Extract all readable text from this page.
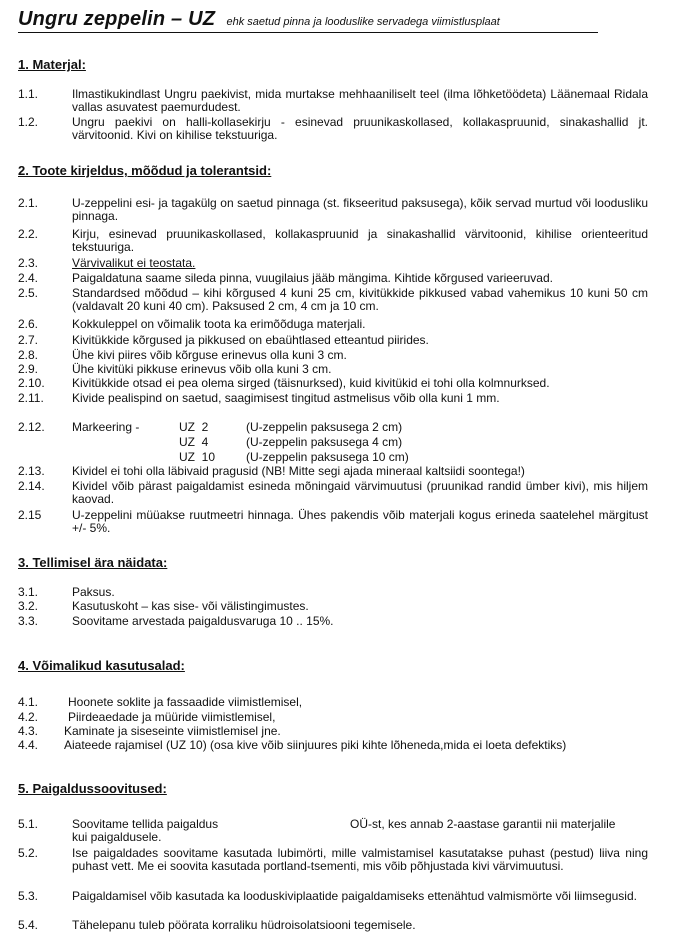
Ungru zeppelin – UZ ehk saetud pinna ja looduslike servadega viimistlusplaat
1. Materjal:
1.1.	Ilmastikukindlast Ungru paekivist, mida murtakse mehhaaniliselt teel (ilma lõhketöödeta) Läänemaal Ridala vallas asuvatest paemurdudest.
1.2.	Ungru paekivi on halli-kollasekirju - esinevad pruunikaskollased, kollakaspruunid, sinakashallid jt. värvitoonid. Kivi on kihilise tekstuuriga.
2. Toote kirjeldus, mõõdud ja tolerantsid:
2.1.	U-zeppelini esi- ja tagakülg on saetud pinnaga (st. fikseeritud paksusega), kõik servad murtud või loodusliku pinnaga.
2.2.	Kirju, esinevad pruunikaskollased, kollakaspruunid ja sinakashallid värvitoonid, kihilise orienteeritud tekstuuriga.
2.3.	Värvivalikut ei teostata.
2.4.	Paigaldatuna saame sileda pinna, vuugilaius jääb mängima. Kihtide kõrgused varieeruvad.
2.5.	Standardsed mõõdud – kihi kõrgused 4 kuni 25 cm, kivitükkide pikkused vabad vahemikus 10 kuni 50 cm (valdavalt 20 kuni 40 cm). Paksused 2 cm, 4 cm ja 10 cm.
2.6.	Kokkuleppel on võimalik toota ka erimõõduga materjali.
2.7.	Kivitükkide kõrgused ja pikkused on ebaühtlased etteantud piirides.
2.8.	Ühe kivi piires võib kõrguse erinevus olla kuni 3 cm.
2.9.	Ühe kivitüki pikkuse erinevus võib olla kuni 3 cm.
2.10. Kivitükkide otsad ei pea olema sirged (täisnurksed), kuid kivitükid ei tohi olla kolmnurksed.
2.11. Kivide pealispind on saetud, saagimisest tingitud astmelisus võib olla kuni 1 mm.
2.12. Markeering -	UZ  2	(U-zeppelin paksusega 2 cm)
UZ  4	(U-zeppelin paksusega 4 cm)
UZ  10	(U-zeppelin paksusega 10 cm)
2.13. Kividel ei tohi olla läbivaid pragusid (NB! Mitte segi ajada mineraal kaltsiidi soontega!)
2.14. Kividel võib pärast paigaldamist esineda mõningaid värvimuutusi (pruunikad randid ümber kivi), mis hiljem kaovad.
2.15	U-zeppelini müüakse ruutmeetri hinnaga. Ühes pakendis võib materjali kogus erineda saatelehel märgitust +/- 5%.
3. Tellimisel ära näidata:
3.1.	Paksus.
3.2.	Kasutuskoht – kas sise- või välistingimustes.
3.3.	Soovitame arvestada paigaldusvaruga 10 .. 15%.
4. Võimalikud kasutusalad:
4.1. Hoonete soklite ja fassaadide viimistlemisel,
4.2. Piirdeaedade ja müüride viimistlemisel,
4.3. Kaminate ja siseseinte viimistlemisel jne.
4.4. Aiateede rajamisel (UZ 10) (osa kive võib siinjuures piki kihte lõheneda,mida ei loeta defektiks)
5. Paigaldussoovitused:
5.1.	Soovitame tellida paigaldus	OÜ-st, kes annab 2-aastase garantii nii materjalile
kui paigaldusele.
5.2.	Ise paigaldades soovitame kasutada lubimörti, mille valmistamisel kasutatakse puhast (pestud) liiva ning puhast vett. Me ei soovita kasutada portland-tsementi, mis võib põhjustada kivi värvimuutusi.
5.3.	Paigaldamisel võib kasutada ka looduskiviplaatide paigaldamiseks ettenähtud valmismörte või liimsegusid.
5.4.	Tähelepanu tuleb pöörata korraliku hüdroisolatsiooni tegemisele.
